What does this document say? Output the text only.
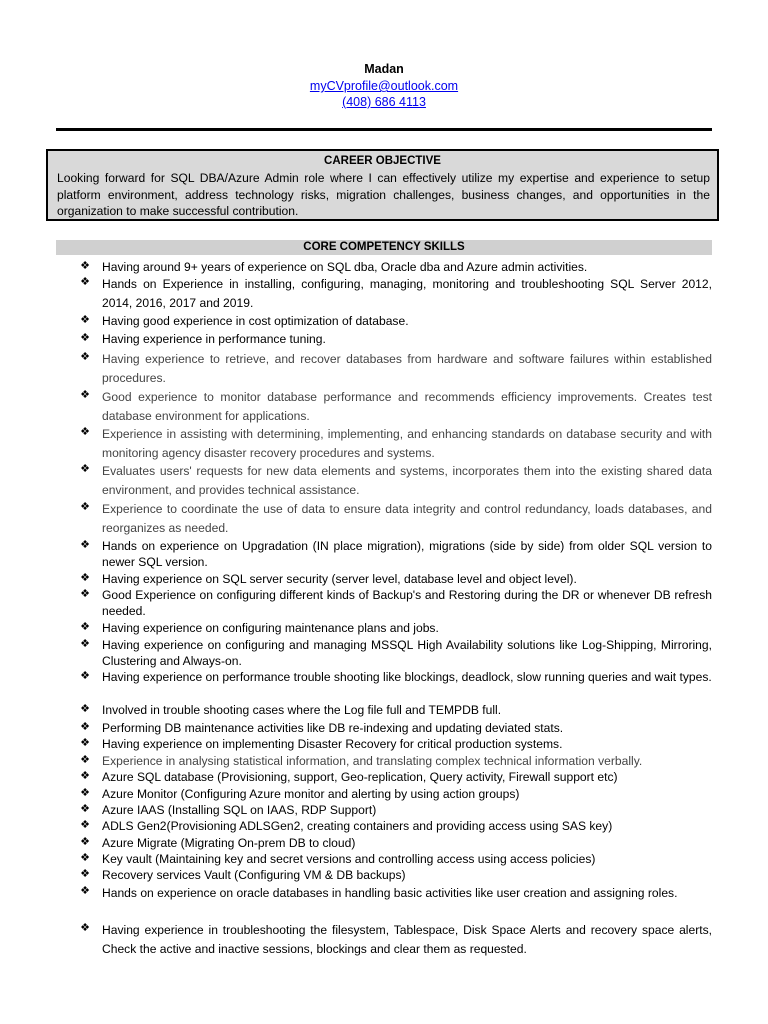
Madan
myCVprofile@outlook.com
(408) 686 4113
CAREER OBJECTIVE
Looking forward for SQL DBA/Azure Admin role where I can effectively utilize my expertise and experience to setup platform environment, address technology risks, migration challenges, business changes, and opportunities in the organization to make successful contribution.
CORE COMPETENCY SKILLS
❖ Having around 9+ years of experience on SQL dba, Oracle dba and Azure admin activities.
❖ Hands on Experience in installing, configuring, managing, monitoring and troubleshooting SQL Server 2012, 2014, 2016, 2017 and 2019.
❖ Having good experience in cost optimization of database.
❖ Having experience in performance tuning.
❖ Having experience to retrieve, and recover databases from hardware and software failures within established procedures.
❖ Good experience to monitor database performance and recommends efficiency improvements. Creates test database environment for applications.
❖ Experience in assisting with determining, implementing, and enhancing standards on database security and with monitoring agency disaster recovery procedures and systems.
❖ Evaluates users' requests for new data elements and systems, incorporates them into the existing shared data environment, and provides technical assistance.
❖ Experience to coordinate the use of data to ensure data integrity and control redundancy, loads databases, and reorganizes as needed.
❖ Hands on experience on Upgradation (IN place migration), migrations (side by side) from older SQL version to newer SQL version.
❖ Having experience on SQL server security (server level, database level and object level).
❖ Good Experience on configuring different kinds of Backup's and Restoring during the DR or whenever DB refresh needed.
❖ Having experience on configuring maintenance plans and jobs.
❖ Having experience on configuring and managing MSSQL High Availability solutions like Log-Shipping, Mirroring, Clustering and Always-on.
❖ Having experience on performance trouble shooting like blockings, deadlock, slow running queries and wait types.
❖ Involved in trouble shooting cases where the Log file full and TEMPDB full.
❖ Performing DB maintenance activities like DB re-indexing and updating deviated stats.
❖ Having experience on implementing Disaster Recovery for critical production systems.
❖ Experience in analysing statistical information, and translating complex technical information verbally.
❖ Azure SQL database (Provisioning, support, Geo-replication, Query activity, Firewall support etc)
❖ Azure Monitor (Configuring Azure monitor and alerting by using action groups)
❖ Azure IAAS (Installing SQL on IAAS, RDP Support)
❖ ADLS Gen2(Provisioning ADLSGen2, creating containers and providing access using SAS key)
❖ Azure Migrate (Migrating On-prem DB to cloud)
❖ Key vault (Maintaining key and secret versions and controlling access using access policies)
❖ Recovery services Vault (Configuring VM & DB backups)
❖ Hands on experience on oracle databases in handling basic activities like user creation and assigning roles.
❖ Having experience in troubleshooting the filesystem, Tablespace, Disk Space Alerts and recovery space alerts, Check the active and inactive sessions, blockings and clear them as requested.
